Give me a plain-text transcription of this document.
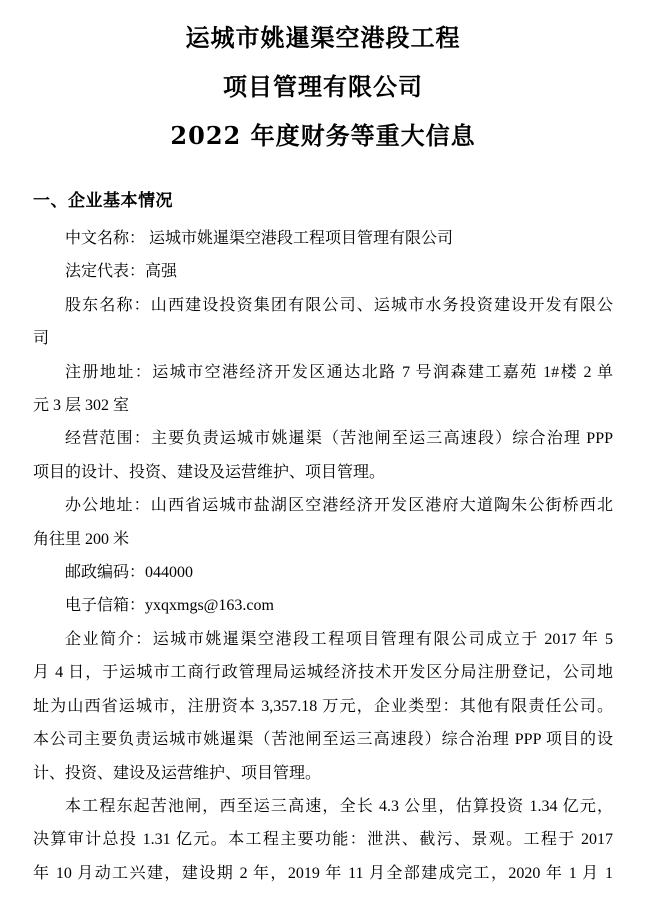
运城市姚暹渠空港段工程
项目管理有限公司
2022 年度财务等重大信息
一、企业基本情况
中文名称： 运城市姚暹渠空港段工程项目管理有限公司
法定代表：高强
股东名称：山西建设投资集团有限公司、运城市水务投资建设开发有限公
司
注册地址：运城市空港经济开发区通达北路 7 号润森建工嘉苑 1#楼 2 单
元 3 层 302 室
经营范围：主要负责运城市姚暹渠（苦池闸至运三高速段）综合治理 PPP
项目的设计、投资、建设及运营维护、项目管理。
办公地址：山西省运城市盐湖区空港经济开发区港府大道陶朱公街桥西北
角往里 200 米
邮政编码：044000
电子信箱：yxqxmgs@163.com
企业简介：运城市姚暹渠空港段工程项目管理有限公司成立于 2017 年 5
月 4 日，于运城市工商行政管理局运城经济技术开发区分局注册登记，公司地
址为山西省运城市，注册资本 3,357.18 万元，企业类型：其他有限责任公司。
本公司主要负责运城市姚暹渠（苦池闸至运三高速段）综合治理 PPP 项目的设
计、投资、建设及运营维护、项目管理。
本工程东起苦池闸，西至运三高速，全长 4.3 公里，估算投资 1.34 亿元，
决算审计总投 1.31 亿元。本工程主要功能：泄洪、截污、景观。工程于 2017
年 10 月动工兴建，建设期 2 年，2019 年 11 月全部建成完工，2020 年 1 月 1
